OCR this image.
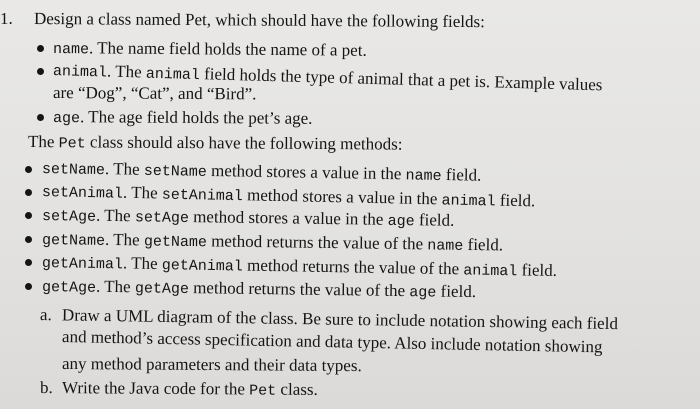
1. Design a class named Pet, which should have the following fields:
name. The name field holds the name of a pet.
animal. The animal field holds the type of animal that a pet is. Example values
are “Dog”, “Cat”, and “Bird”.
age. The age field holds the pet’s age.
The Pet class should also have the following methods:
setName. The setName method stores a value in the name field.
setAnimal. The setAnimal method stores a value in the animal field.
setAge. The setAge method stores a value in the age field.
getName. The getName method returns the value of the name field.
getAnimal. The getAnimal method returns the value of the animal field.
getAge. The getAge method returns the value of the age field.
a. Draw a UML diagram of the class. Be sure to include notation showing each field
and method’s access specification and data type. Also include notation showing
any method parameters and their data types.
b. Write the Java code for the Pet class.
